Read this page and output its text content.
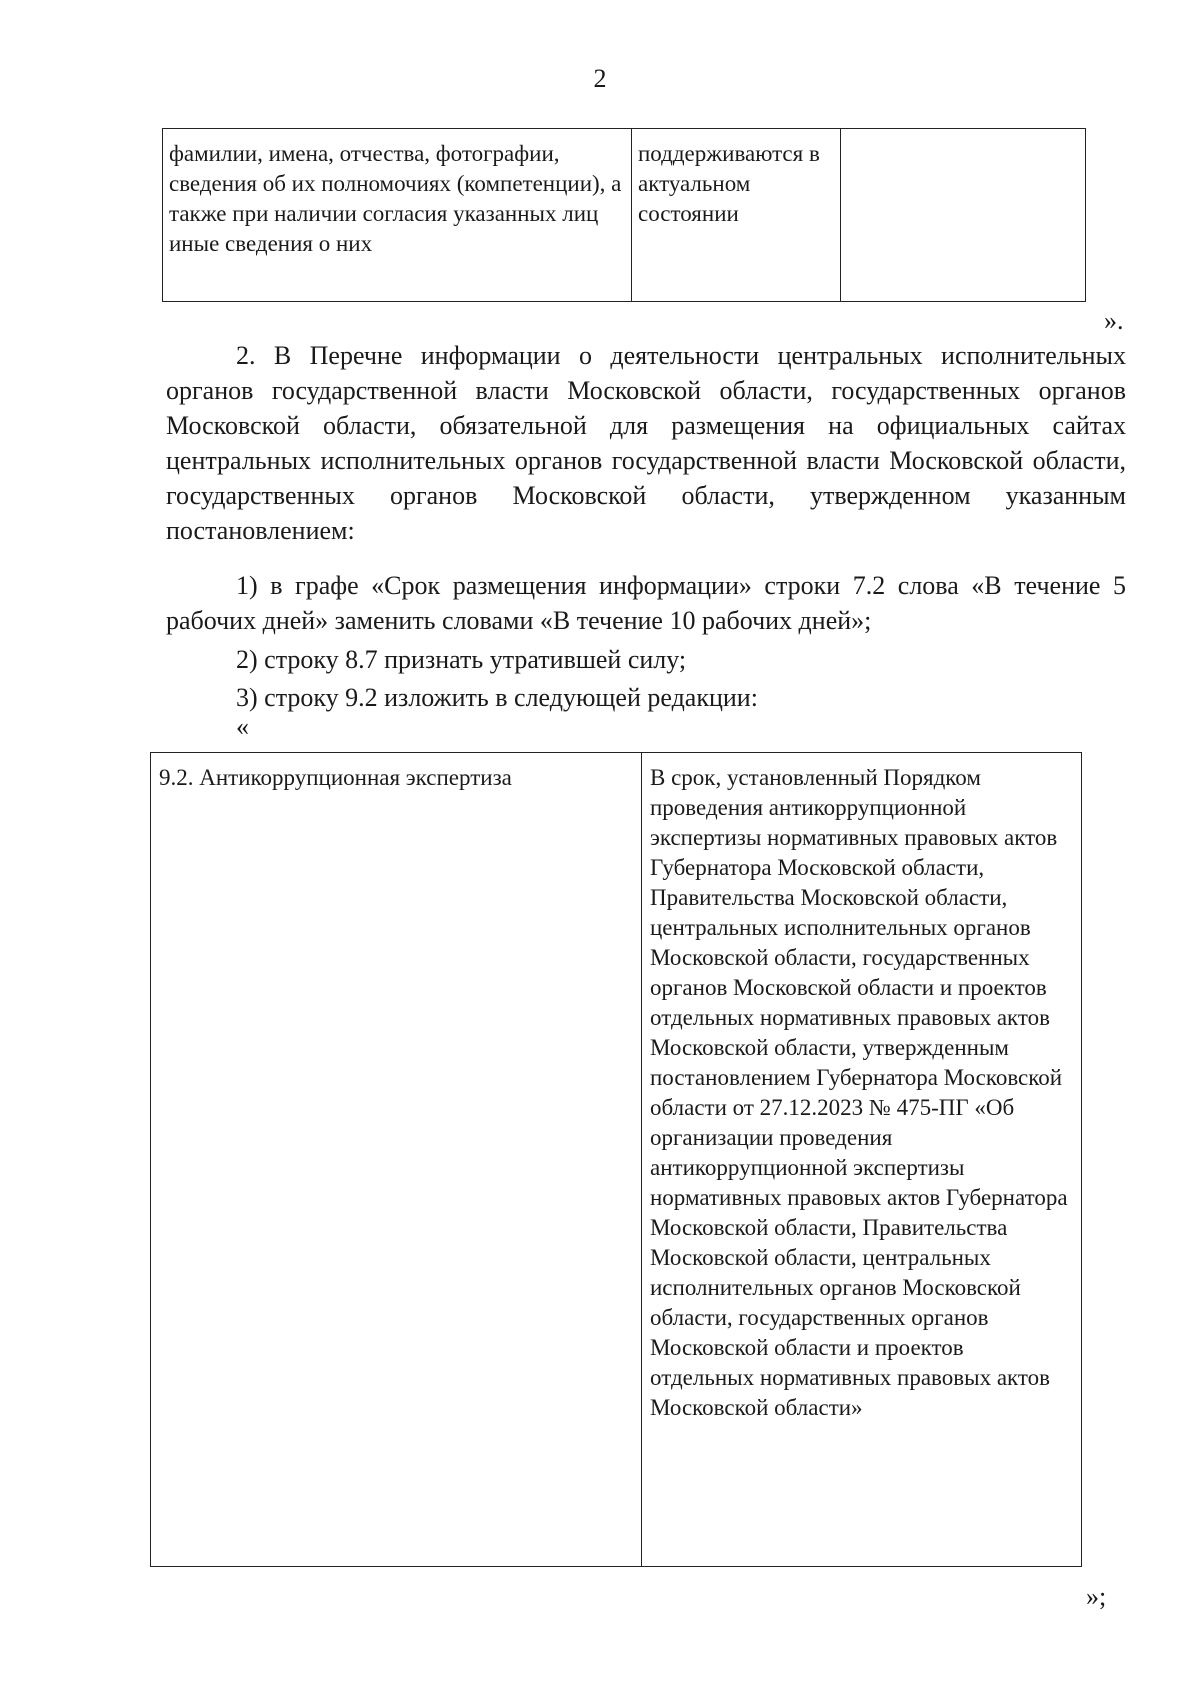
2
фамилии, имена, отчества, фотографии, сведения об их полномочиях (компетенции), а также при наличии согласия указанных лиц иные сведения о них	поддерживаются в актуальном состоянии	
».
2. В Перечне информации о деятельности центральных исполнительных органов государственной власти Московской области, государственных органов Московской области, обязательной для размещения на официальных сайтах центральных исполнительных органов государственной власти Московской области, государственных органов Московской области, утвержденном указанным постановлением:
1) в графе «Срок размещения информации» строки 7.2 слова «В течение 5 рабочих дней» заменить словами «В течение 10 рабочих дней»;
2) строку 8.7 признать утратившей силу;
3) строку 9.2 изложить в следующей редакции:
«
9.2. Антикоррупционная экспертиза	В срок, установленный Порядком проведения антикоррупционной экспертизы нормативных правовых актов Губернатора Московской области, Правительства Московской области, центральных исполнительных органов Московской области, государственных органов Московской области и проектов отдельных нормативных правовых актов Московской области, утвержденным постановлением Губернатора Московской области от 27.12.2023 № 475-ПГ «Об организации проведения антикоррупционной экспертизы нормативных правовых актов Губернатора Московской области, Правительства Московской области, центральных исполнительных органов Московской области, государственных органов Московской области и проектов отдельных нормативных правовых актов Московской области»
»;
